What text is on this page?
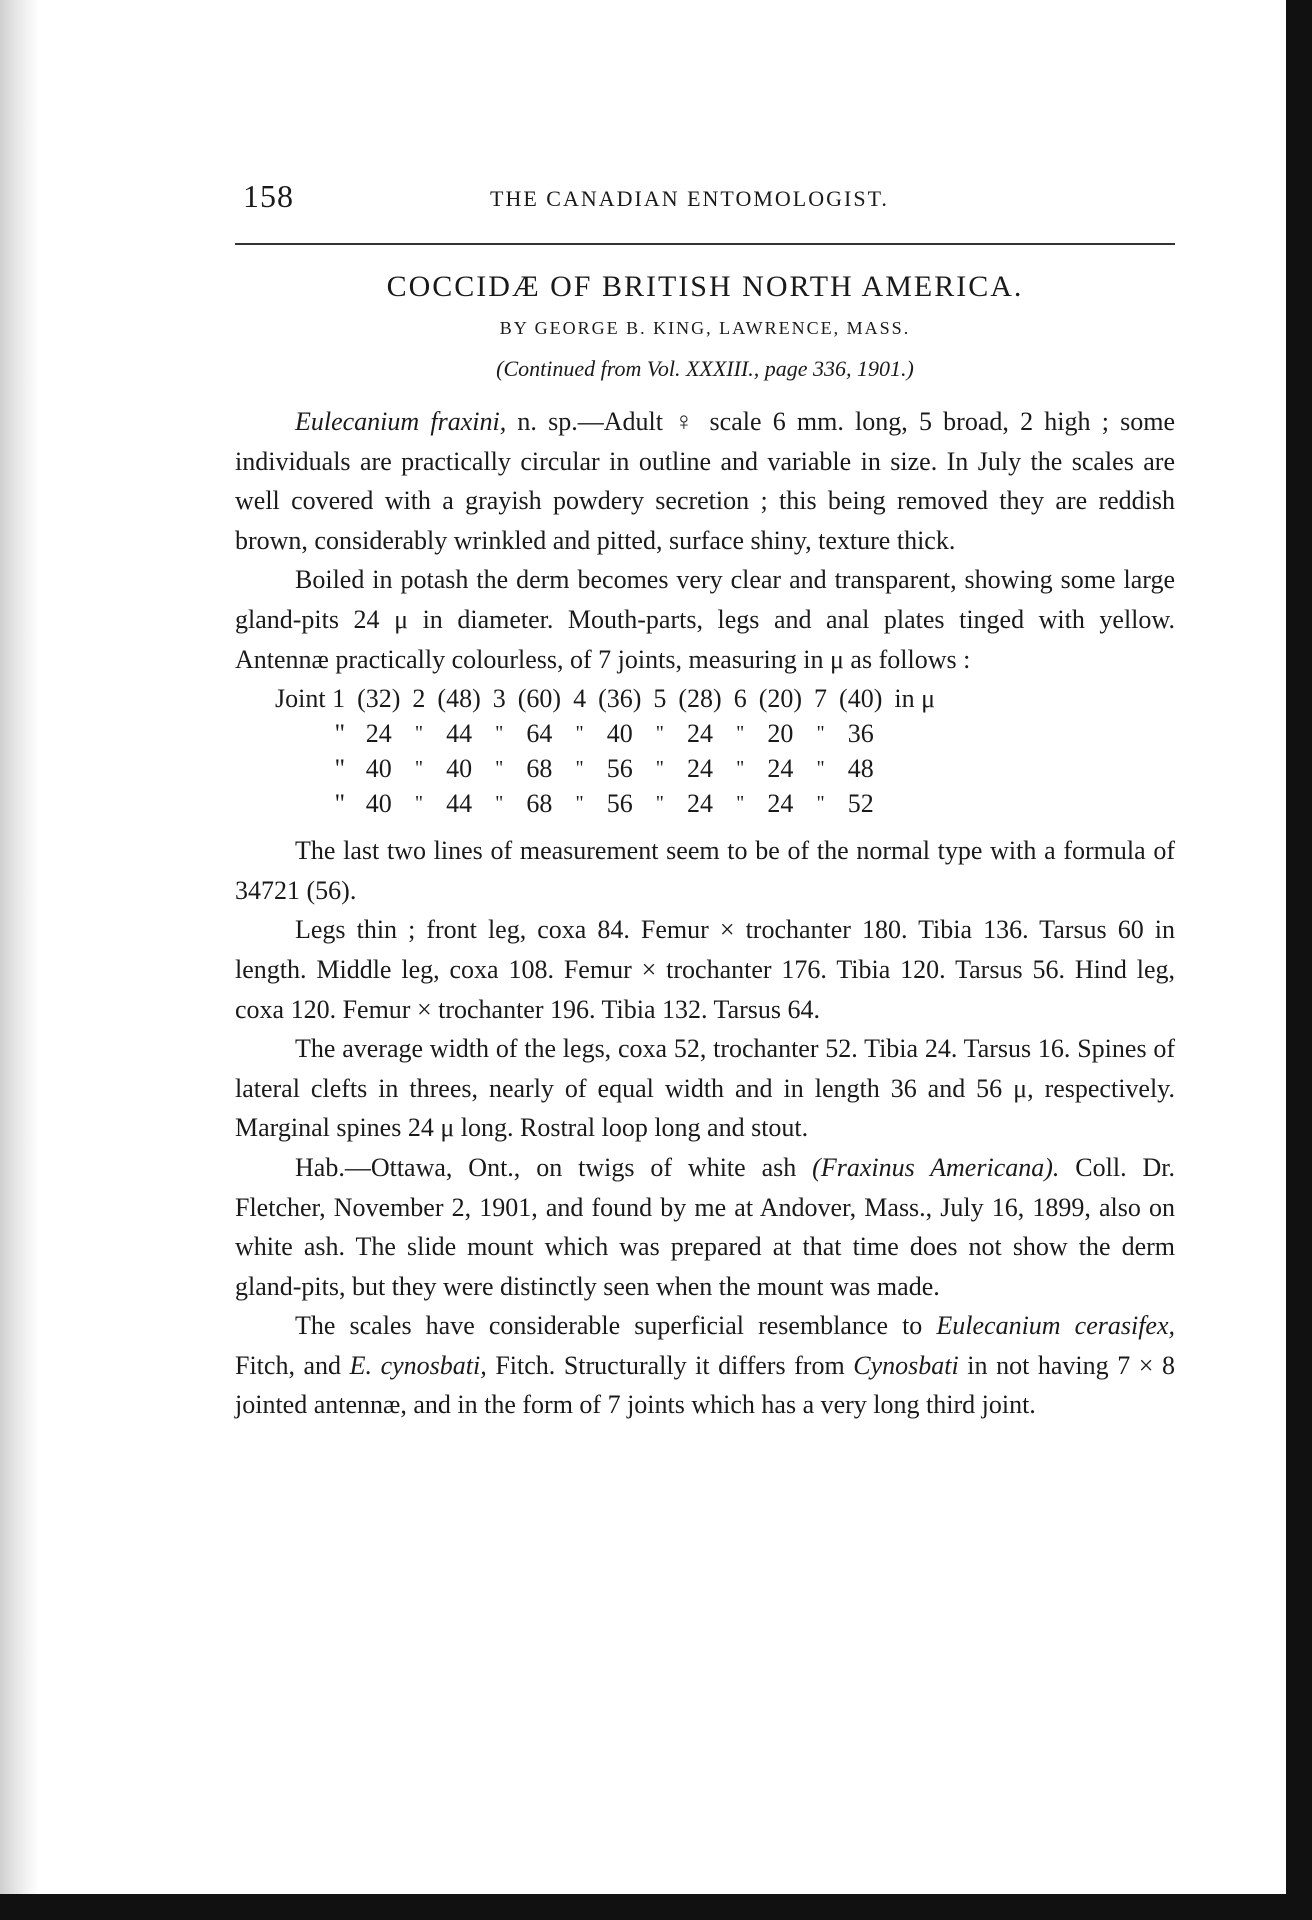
158	THE CANADIAN ENTOMOLOGIST.
COCCIDÆ OF BRITISH NORTH AMERICA.
BY GEORGE B. KING, LAWRENCE, MASS.
(Continued from Vol. XXXIII., page 336, 1901.)

Eulecanium fraxini, n. sp.—Adult ♀ scale 6 mm. long, 5 broad, 2 high ; some individuals are practically circular in outline and variable in size. In July the scales are well covered with a grayish powdery secretion ; this being removed they are reddish brown, considerably wrinkled and pitted, surface shiny, texture thick.

Boiled in potash the derm becomes very clear and transparent, showing some large gland-pits 24 μ in diameter. Mouth-parts, legs and anal plates tinged with yellow. Antennæ practically colourless, of 7 joints, measuring in μ as follows :

Joint 1	(32)	2	(48)	3	(60)	4	(36)	5	(28)	6	(20)	7	(40)	in μ
"	24	"	44	"	64	"	40	"	24	"	20	"	36	
"	40	"	40	"	68	"	56	"	24	"	24	"	48	
"	40	"	44	"	68	"	56	"	24	"	24	"	52	

The last two lines of measurement seem to be of the normal type with a formula of 34721 (56).

Legs thin ; front leg, coxa 84. Femur × trochanter 180. Tibia 136. Tarsus 60 in length. Middle leg, coxa 108. Femur × trochanter 176. Tibia 120. Tarsus 56. Hind leg, coxa 120. Femur × trochanter 196. Tibia 132. Tarsus 64.

The average width of the legs, coxa 52, trochanter 52. Tibia 24. Tarsus 16. Spines of lateral clefts in threes, nearly of equal width and in length 36 and 56 μ, respectively. Marginal spines 24 μ long. Rostral loop long and stout.

Hab.—Ottawa, Ont., on twigs of white ash (Fraxinus Americana). Coll. Dr. Fletcher, November 2, 1901, and found by me at Andover, Mass., July 16, 1899, also on white ash. The slide mount which was prepared at that time does not show the derm gland-pits, but they were distinctly seen when the mount was made.

The scales have considerable superficial resemblance to Eulecanium cerasifex, Fitch, and E. cynosbati, Fitch. Structurally it differs from Cynosbati in not having 7 × 8 jointed antennæ, and in the form of 7 joints which has a very long third joint.
